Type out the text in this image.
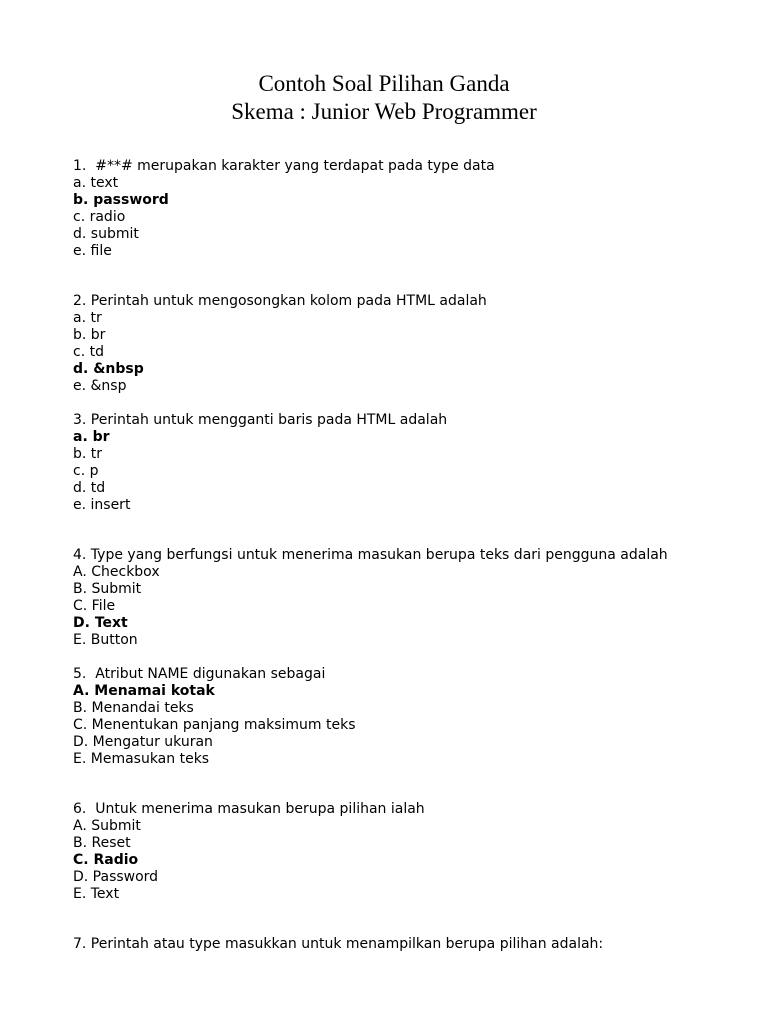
Contoh Soal Pilihan Ganda
Skema : Junior Web Programmer
1.  #**# merupakan karakter yang terdapat pada type data
a. text
b. password
c. radio
d. submit
e. file
2. Perintah untuk mengosongkan kolom pada HTML adalah
a. tr
b. br
c. td
d. &nbsp
e. &nsp
3. Perintah untuk mengganti baris pada HTML adalah
a. br
b. tr
c. p
d. td
e. insert
4. Type yang berfungsi untuk menerima masukan berupa teks dari pengguna adalah
A. Checkbox
B. Submit
C. File
D. Text
E. Button
5.  Atribut NAME digunakan sebagai
A. Menamai kotak
B. Menandai teks
C. Menentukan panjang maksimum teks
D. Mengatur ukuran
E. Memasukan teks
6.  Untuk menerima masukan berupa pilihan ialah
A. Submit
B. Reset
C. Radio
D. Password
E. Text
7. Perintah atau type masukkan untuk menampilkan berupa pilihan adalah:
